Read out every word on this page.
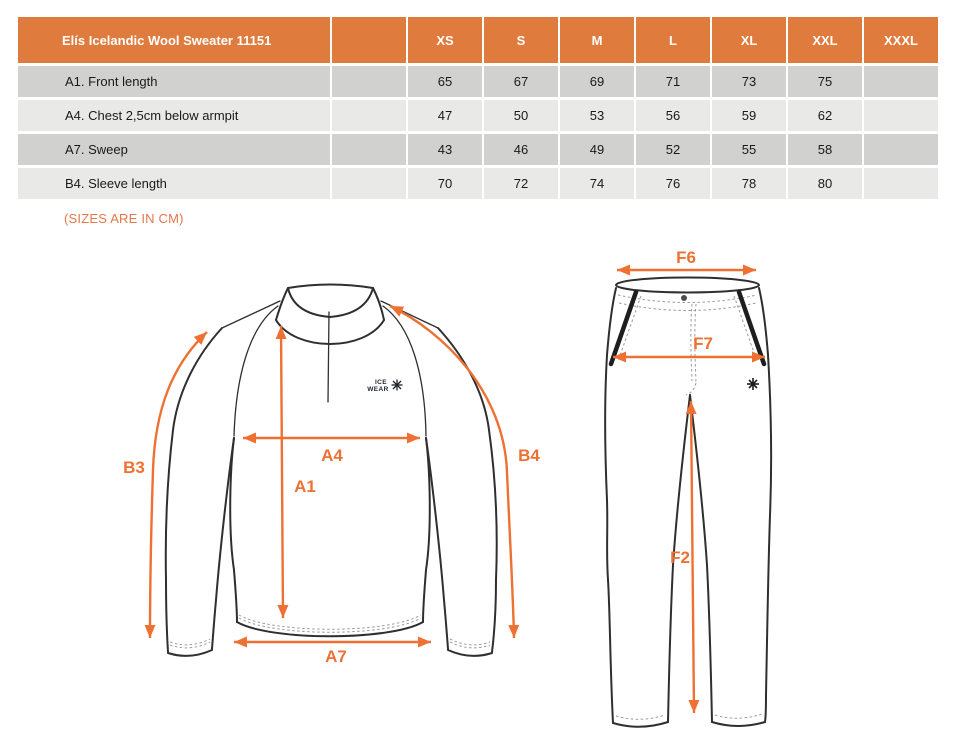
Elís Icelandic Wool Sweater 11151	XS	S	M	L	XL	XXL	XXXL
A1. Front length	65	67	69	71	73	75
A4. Chest 2,5cm below armpit	47	50	53	56	59	62
A7. Sweep	43	46	49	52	55	58
B4. Sleeve length	70	72	74	76	78	80
(SIZES ARE IN CM)
ICE
WEAR
B3
A4
A1
B4
A7
F6
F7
F2
